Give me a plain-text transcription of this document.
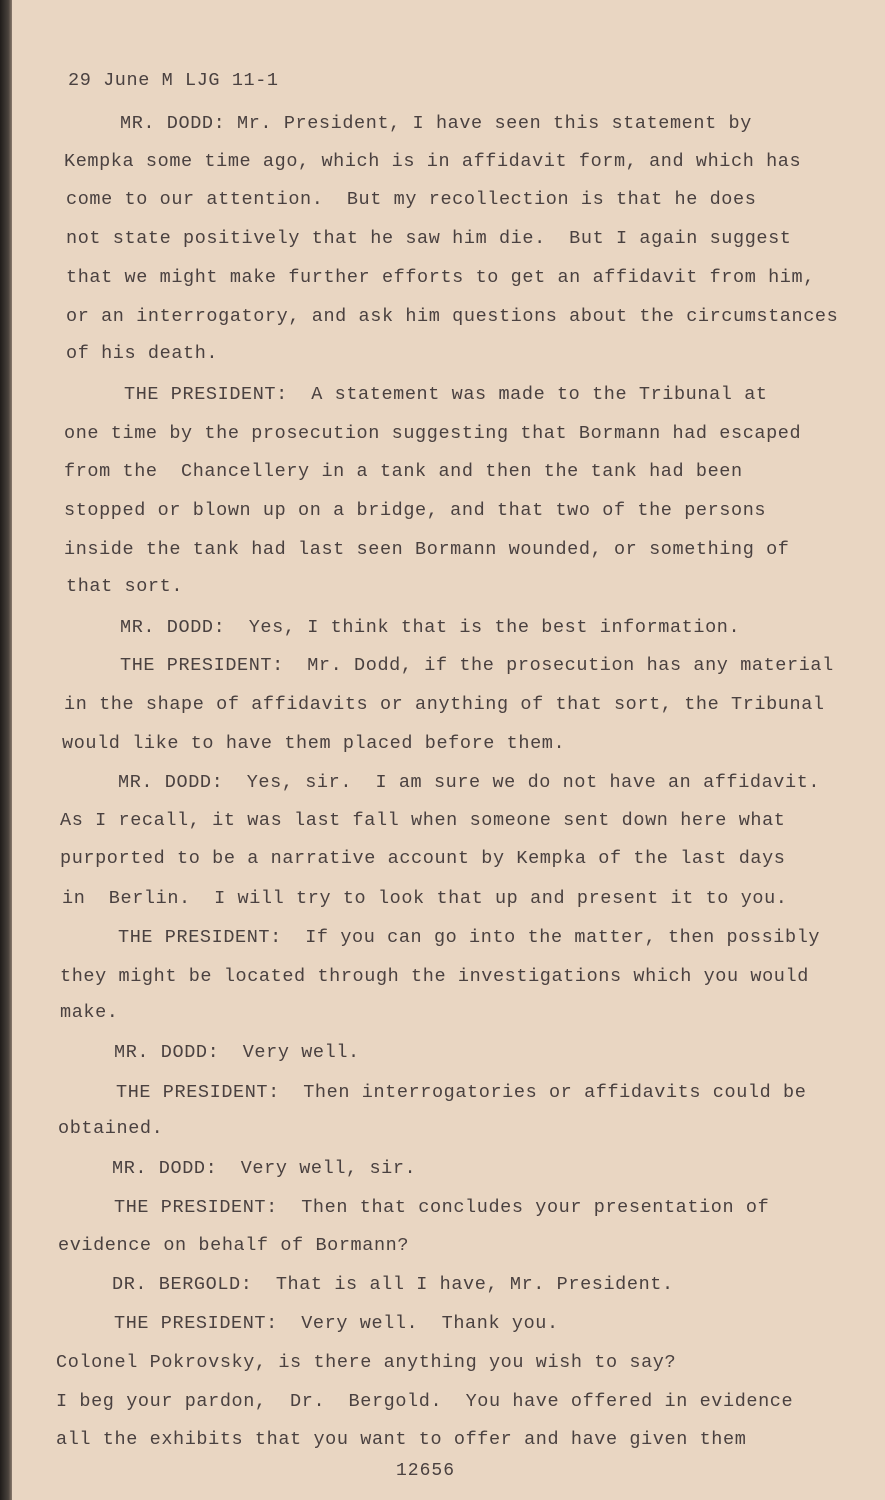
29 June M LJG 11-1
MR. DODD: Mr. President, I have seen this statement by
Kempka some time ago, which is in affidavit form, and which has
come to our attention.  But my recollection is that he does
not state positively that he saw him die.  But I again suggest
that we might make further efforts to get an affidavit from him,
or an interrogatory, and ask him questions about the circumstances
of his death.
THE PRESIDENT:  A statement was made to the Tribunal at
one time by the prosecution suggesting that Bormann had escaped
from the  Chancellery in a tank and then the tank had been
stopped or blown up on a bridge, and that two of the persons
inside the tank had last seen Bormann wounded, or something of
that sort.
MR. DODD:  Yes, I think that is the best information.
THE PRESIDENT:  Mr. Dodd, if the prosecution has any material
in the shape of affidavits or anything of that sort, the Tribunal
would like to have them placed before them.
MR. DODD:  Yes, sir.  I am sure we do not have an affidavit.
As I recall, it was last fall when someone sent down here what
purported to be a narrative account by Kempka of the last days
in  Berlin.  I will try to look that up and present it to you.
THE PRESIDENT:  If you can go into the matter, then possibly
they might be located through the investigations which you would
make.
MR. DODD:  Very well.
THE PRESIDENT:  Then interrogatories or affidavits could be
obtained.
MR. DODD:  Very well, sir.
THE PRESIDENT:  Then that concludes your presentation of
evidence on behalf of Bormann?
DR. BERGOLD:  That is all I have, Mr. President.
THE PRESIDENT:  Very well.  Thank you.
Colonel Pokrovsky, is there anything you wish to say?
I beg your pardon,  Dr.  Bergold.  You have offered in evidence
all the exhibits that you want to offer and have given them
12656
